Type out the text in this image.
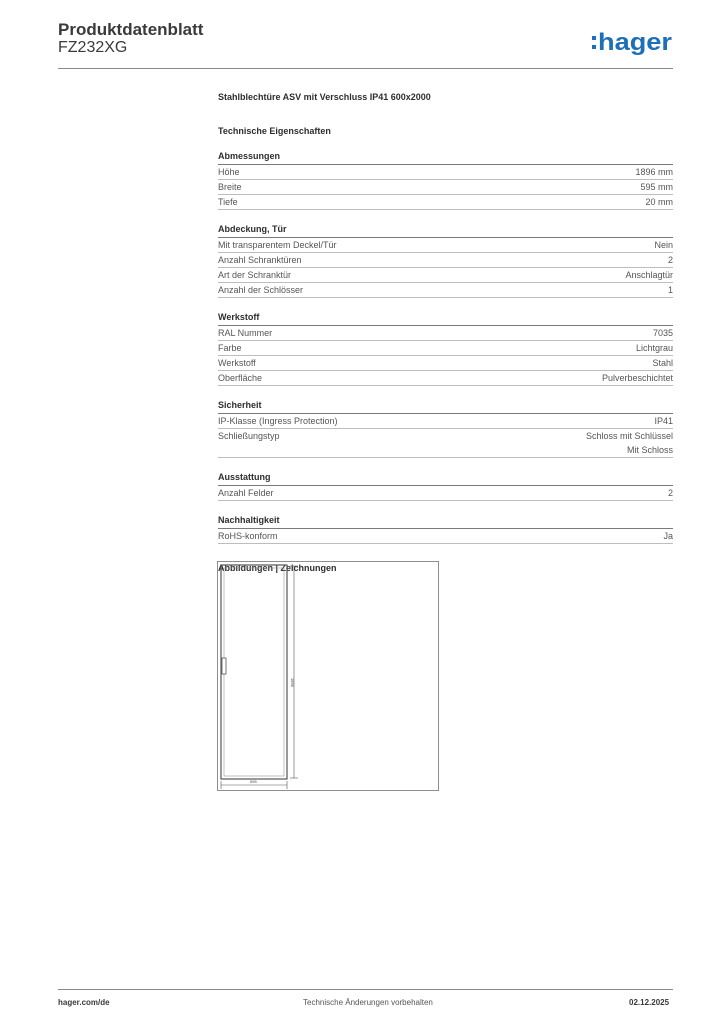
Produktdatenblatt
FZ232XG	hager
Stahlblechtüre ASV mit Verschluss IP41 600x2000
Technische Eigenschaften
Abmessungen
Höhe	1896 mm
Breite	595 mm
Tiefe	20 mm
Abdeckung, Tür
Mit transparentem Deckel/Tür	Nein
Anzahl Schranktüren	2
Art der Schranktür	Anschlagtür
Anzahl der Schlösser	1
Werkstoff
RAL Nummer	7035
Farbe	Lichtgrau
Werkstoff	Stahl
Oberfläche	Pulverbeschichtet
Sicherheit
IP-Klasse (Ingress Protection)	IP41
Schließungstyp	Schloss mit Schlüssel
Mit Schloss
Ausstattung
Anzahl Felder	2
Nachhaltigkeit
RoHS-konform	Ja
Abbildungen | Zeichnungen
1896
595
hager.com/de	Technische Änderungen vorbehalten	02.12.2025
